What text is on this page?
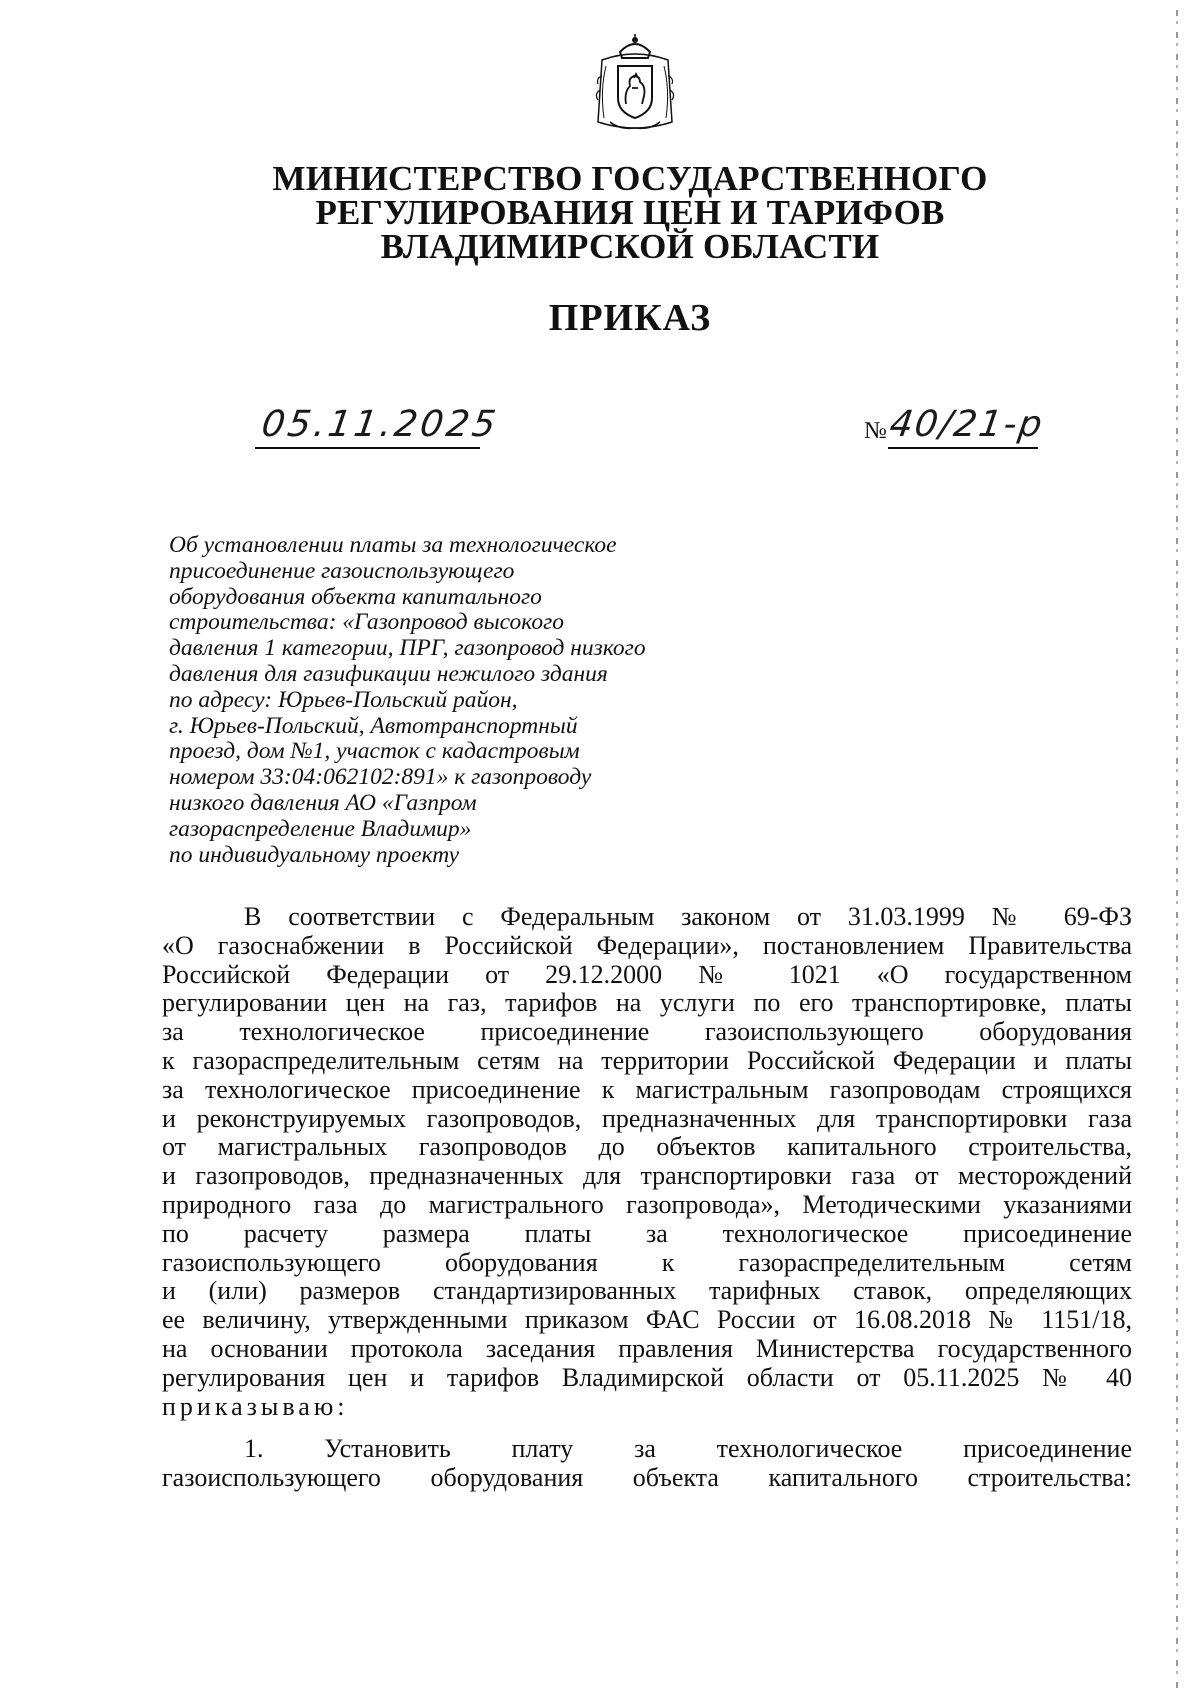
МИНИСТЕРСТВО ГОСУДАРСТВЕННОГО
РЕГУЛИРОВАНИЯ ЦЕН И ТАРИФОВ
ВЛАДИМИРСКОЙ ОБЛАСТИ
ПРИКАЗ
05.11.2025	№ 40/21-р
Об установлении платы за технологическое
присоединение газоиспользующего
оборудования объекта капитального
строительства: «Газопровод высокого
давления 1 категории, ПРГ, газопровод низкого
давления для газификации нежилого здания
по адресу: Юрьев-Польский район,
г. Юрьев-Польский, Автотранспортный
проезд, дом №1, участок с кадастровым
номером 33:04:062102:891» к газопроводу
низкого давления АО «Газпром
газораспределение Владимир»
по индивидуальному проекту
В соответствии с Федеральным законом от 31.03.1999 № 69-ФЗ
«О газоснабжении в Российской Федерации», постановлением Правительства
Российской Федерации от 29.12.2000 № 1021 «О государственном
регулировании цен на газ, тарифов на услуги по его транспортировке, платы
за технологическое присоединение газоиспользующего оборудования
к газораспределительным сетям на территории Российской Федерации и платы
за технологическое присоединение к магистральным газопроводам строящихся
и реконструируемых газопроводов, предназначенных для транспортировки газа
от магистральных газопроводов до объектов капитального строительства,
и газопроводов, предназначенных для транспортировки газа от месторождений
природного газа до магистрального газопровода», Методическими указаниями
по расчету размера платы за технологическое присоединение
газоиспользующего оборудования к газораспределительным сетям
и (или) размеров стандартизированных тарифных ставок, определяющих
ее величину, утвержденными приказом ФАС России от 16.08.2018 № 1151/18,
на основании протокола заседания правления Министерства государственного
регулирования цен и тарифов Владимирской области от 05.11.2025 № 40
приказываю:
1. Установить плату за технологическое присоединение
газоиспользующего оборудования объекта капитального строительства:
